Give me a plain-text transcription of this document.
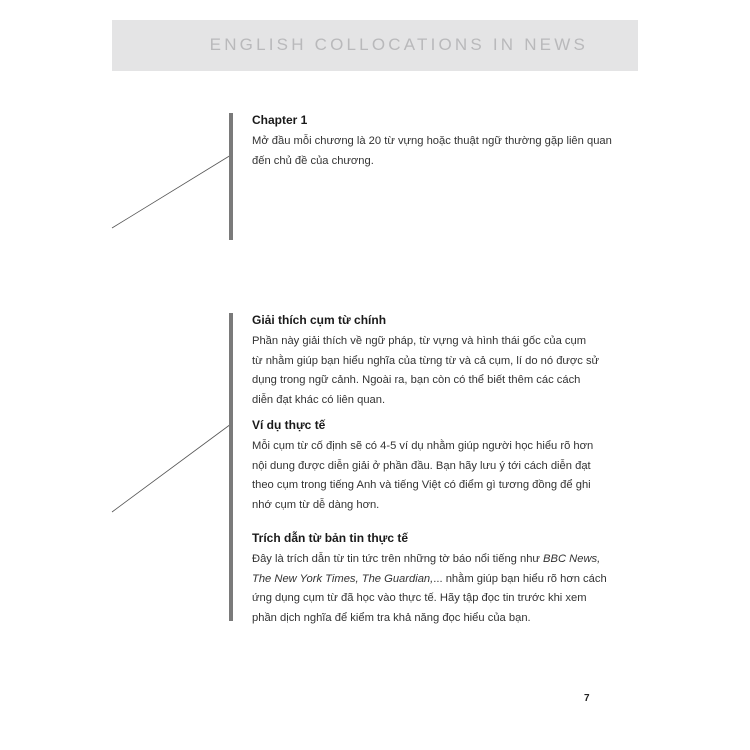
ENGLISH COLLOCATIONS IN NEWS
Chapter 1
Mở đầu mỗi chương là 20 từ vựng hoặc thuật ngữ thường gặp liên quan
đến chủ đề của chương.
Giải thích cụm từ chính
Phần này giải thích về ngữ pháp, từ vựng và hình thái gốc của cụm
từ nhằm giúp bạn hiểu nghĩa của từng từ và cả cụm, lí do nó được sử
dụng trong ngữ cảnh. Ngoài ra, bạn còn có thể biết thêm các cách
diễn đạt khác có liên quan.
Ví dụ thực tế
Mỗi cụm từ cố định sẽ có 4-5 ví dụ nhằm giúp người học hiểu rõ hơn
nội dung được diễn giải ở phần đầu. Bạn hãy lưu ý tới cách diễn đạt
theo cụm trong tiếng Anh và tiếng Việt có điểm gì tương đồng để ghi
nhớ cụm từ dễ dàng hơn.
Trích dẫn từ bản tin thực tế
Đây là trích dẫn từ tin tức trên những tờ báo nổi tiếng như BBC News,
The New York Times, The Guardian,... nhằm giúp bạn hiểu rõ hơn cách
ứng dụng cụm từ đã học vào thực tế. Hãy tập đọc tin trước khi xem
phần dịch nghĩa để kiểm tra khả năng đọc hiểu của bạn.
7
